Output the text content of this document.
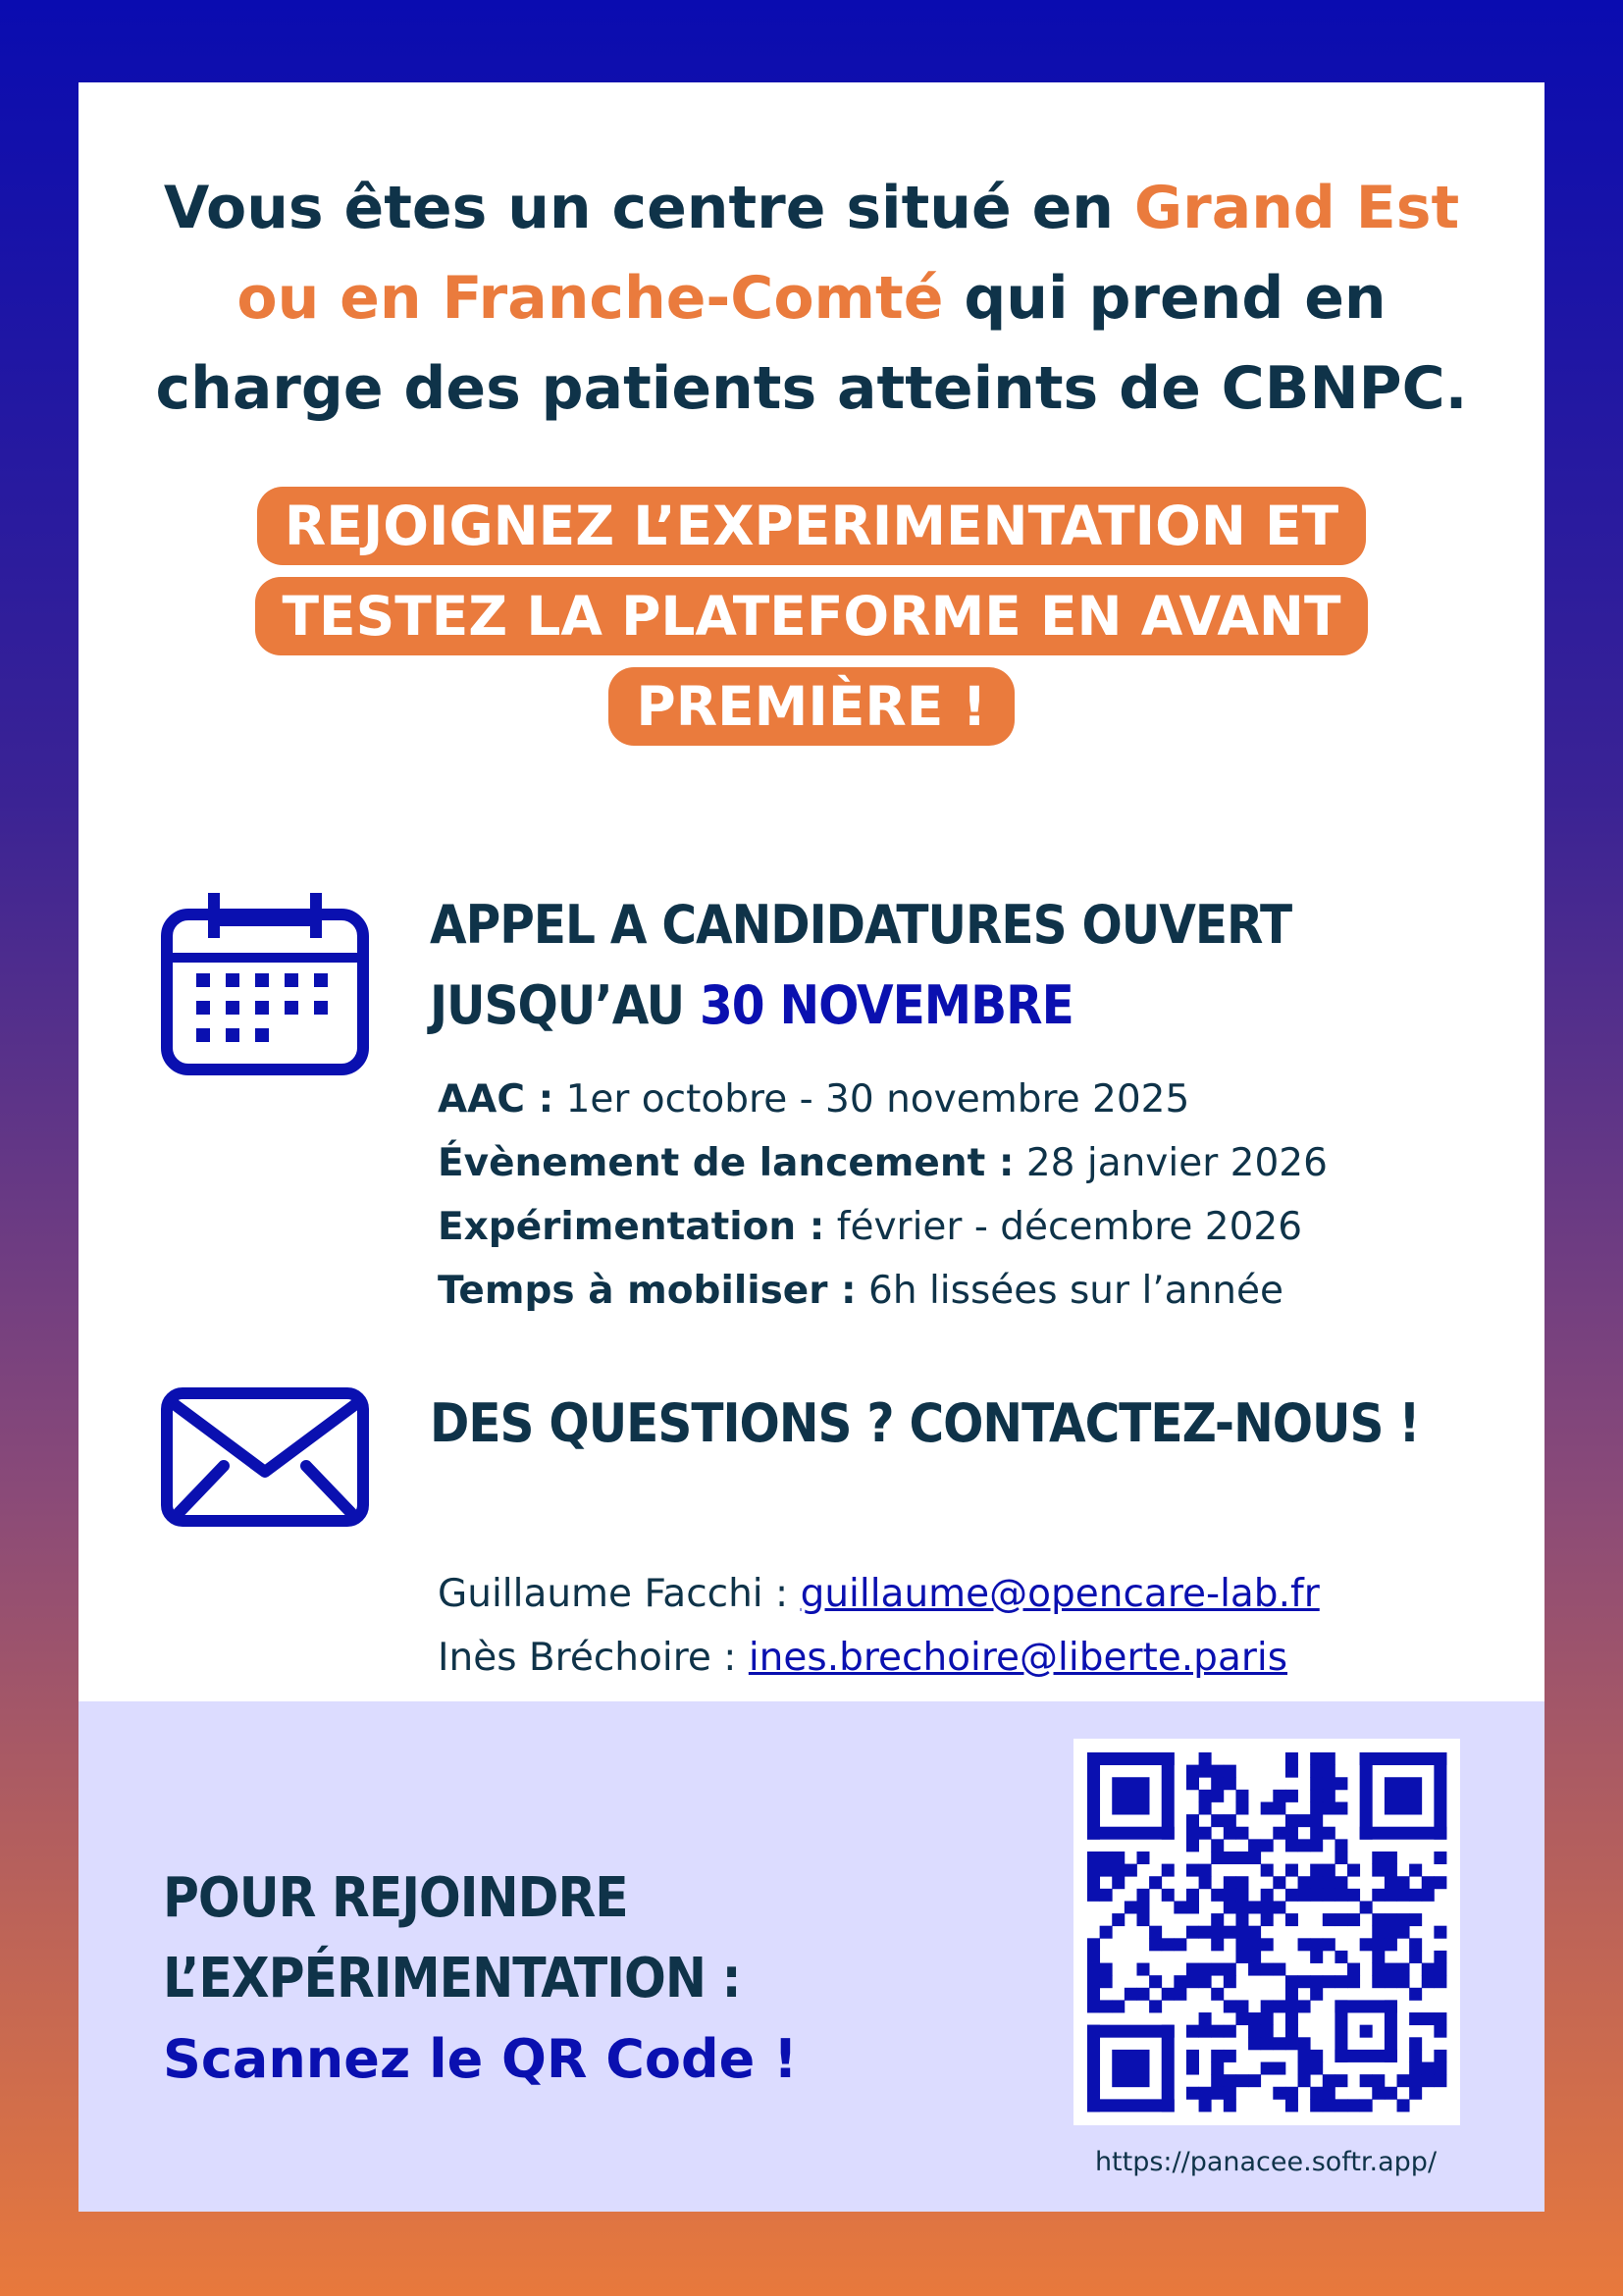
Vous êtes un centre situé en Grand Est ou en Franche-Comté qui prend en charge des patients atteints de CBNPC.
REJOIGNEZ L’EXPERIMENTATION ET TESTEZ LA PLATEFORME EN AVANT PREMIÈRE !
APPEL A CANDIDATURES OUVERT
JUSQU’AU 30 NOVEMBRE
AAC : 1er octobre - 30 novembre 2025
Évènement de lancement : 28 janvier 2026
Expérimentation : février - décembre 2026
Temps à mobiliser : 6h lissées sur l’année
DES QUESTIONS ? CONTACTEZ-NOUS !
Guillaume Facchi : guillaume@opencare-lab.fr
Inès Bréchoire : ines.brechoire@liberte.paris
POUR REJOINDRE
L’EXPÉRIMENTATION :
Scannez le QR Code !
https://panacee.softr.app/
